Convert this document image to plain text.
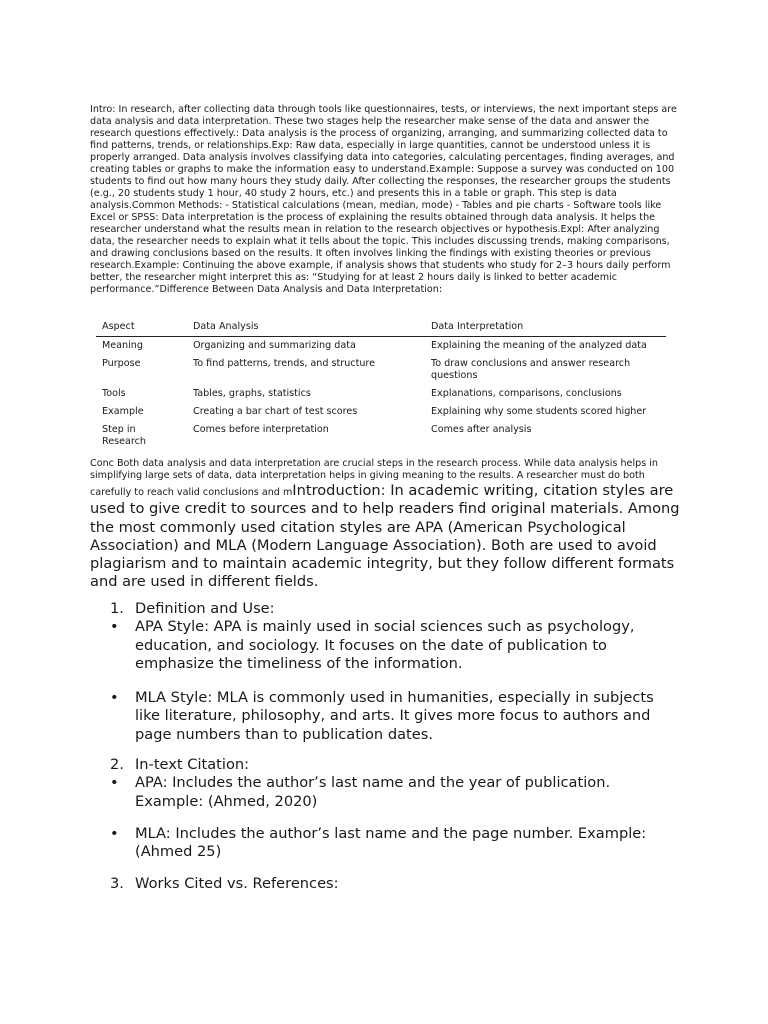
Intro: In research, after collecting data through tools like questionnaires, tests, or interviews, the next important steps are data analysis and data interpretation. These two stages help the researcher make sense of the data and answer the research questions effectively.: Data analysis is the process of organizing, arranging, and summarizing collected data to find patterns, trends, or relationships.Exp: Raw data, especially in large quantities, cannot be understood unless it is properly arranged. Data analysis involves classifying data into categories, calculating percentages, finding averages, and creating tables or graphs to make the information easy to understand.Example: Suppose a survey was conducted on 100 students to find out how many hours they study daily. After collecting the responses, the researcher groups the students (e.g., 20 students study 1 hour, 40 study 2 hours, etc.) and presents this in a table or graph. This step is data analysis.Common Methods: - Statistical calculations (mean, median, mode) - Tables and pie charts - Software tools like Excel or SPSS: Data interpretation is the process of explaining the results obtained through data analysis. It helps the researcher understand what the results mean in relation to the research objectives or hypothesis.Expl: After analyzing data, the researcher needs to explain what it tells about the topic. This includes discussing trends, making comparisons, and drawing conclusions based on the results. It often involves linking the findings with existing theories or previous research.Example: Continuing the above example, if analysis shows that students who study for 2–3 hours daily perform better, the researcher might interpret this as: “Studying for at least 2 hours daily is linked to better academic performance.”Difference Between Data Analysis and Data Interpretation:

Aspect	Data Analysis	Data Interpretation
Meaning	Organizing and summarizing data	Explaining the meaning of the analyzed data
Purpose	To find patterns, trends, and structure	To draw conclusions and answer research questions
Tools	Tables, graphs, statistics	Explanations, comparisons, conclusions
Example	Creating a bar chart of test scores	Explaining why some students scored higher
Step in Research	Comes before interpretation	Comes after analysis

Conc Both data analysis and data interpretation are crucial steps in the research process. While data analysis helps in simplifying large sets of data, data interpretation helps in giving meaning to the results. A researcher must do both carefully to reach valid conclusions and mIntroduction: In academic writing, citation styles are used to give credit to sources and to help readers find original materials. Among the most commonly used citation styles are APA (American Psychological Association) and MLA (Modern Language Association). Both are used to avoid plagiarism and to maintain academic integrity, but they follow different formats and are used in different fields.

1. Definition and Use:

• APA Style: APA is mainly used in social sciences such as psychology, education, and sociology. It focuses on the date of publication to emphasize the timeliness of the information.

• MLA Style: MLA is commonly used in humanities, especially in subjects like literature, philosophy, and arts. It gives more focus to authors and page numbers than to publication dates.

2. In-text Citation:

• APA: Includes the author’s last name and the year of publication. Example: (Ahmed, 2020)

• MLA: Includes the author’s last name and the page number. Example: (Ahmed 25)

3. Works Cited vs. References:
